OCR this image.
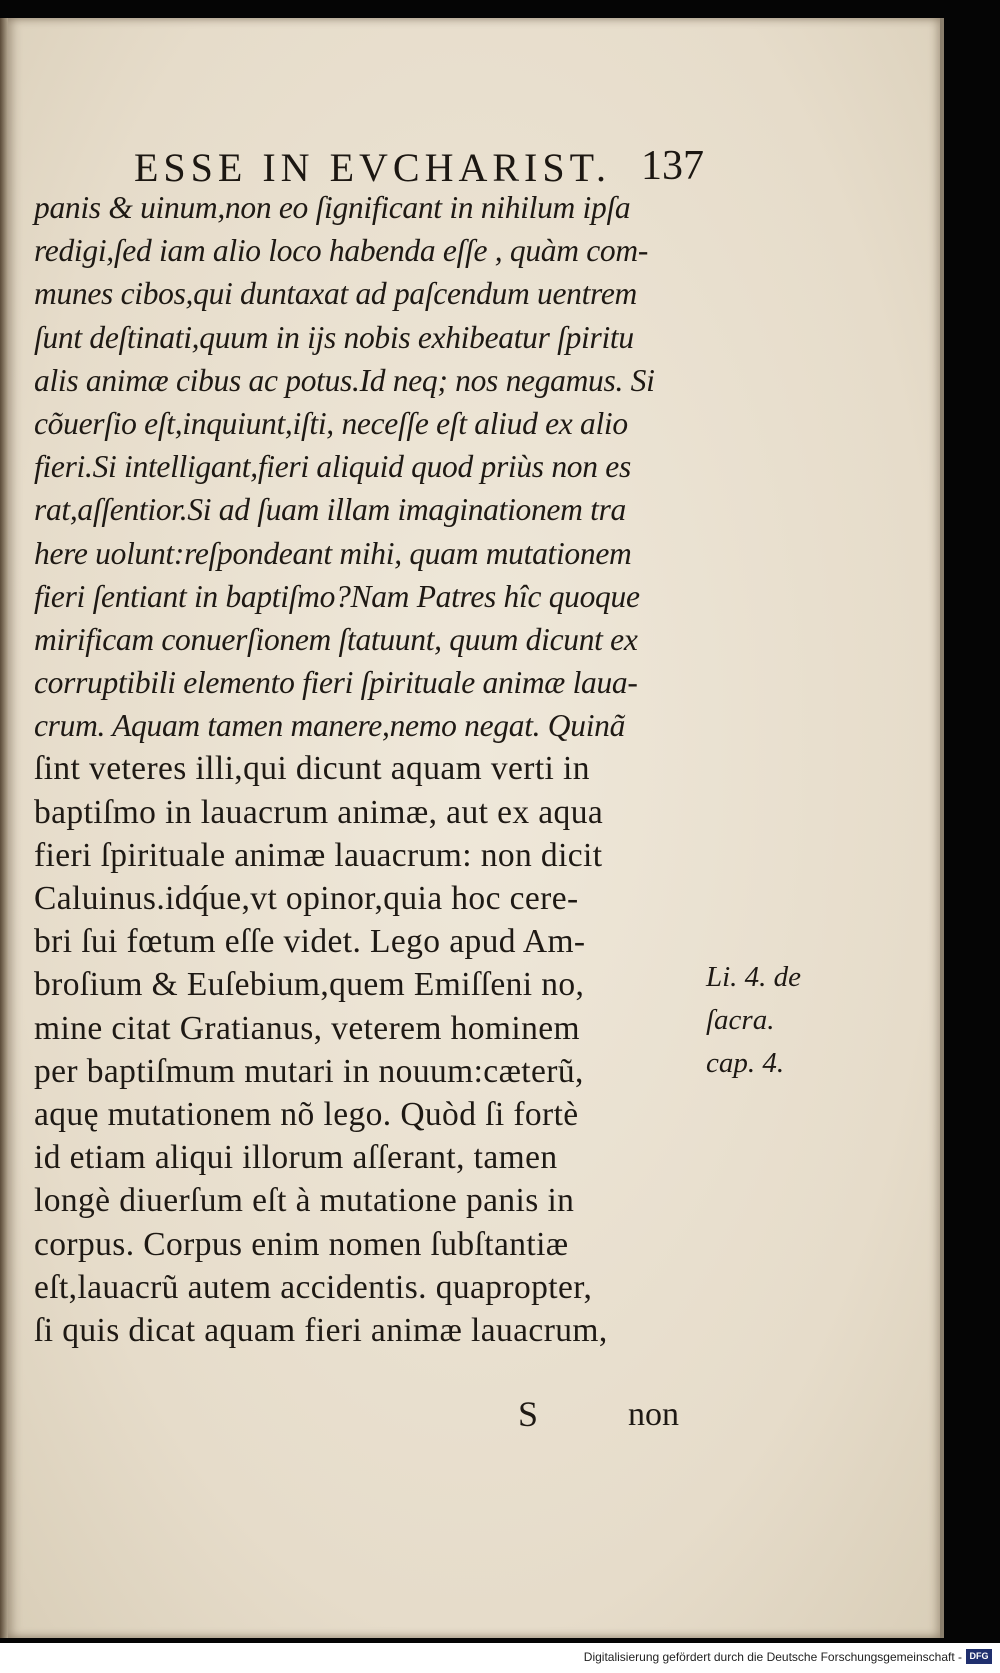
ESSE IN EVCHARIST. 137
panis & uinum,non eo ſignificant in nihilum ipſa
redigi,ſed iam alio loco habenda eſſe , quàm com-
munes cibos,qui duntaxat ad paſcendum uentrem
ſunt deſtinati,quum in ijs nobis exhibeatur ſpiritu
alis animæ cibus ac potus.Id neq; nos negamus. Si
cõuerſio eſt,inquiunt,iſti, neceſſe eſt aliud ex alio
fieri.Si intelligant,fieri aliquid quod priùs non es
rat,aſſentior.Si ad ſuam illam imaginationem tra
here uolunt:reſpondeant mihi, quam mutationem
fieri ſentiant in baptiſmo?Nam Patres hîc quoque
mirificam conuerſionem ſtatuunt, quum dicunt ex
corruptibili elemento fieri ſpirituale animæ laua-
crum. Aquam tamen manere,nemo negat. Quinã
ſint veteres illi,qui dicunt aquam verti in
baptiſmo in lauacrum animæ, aut ex aqua
fieri ſpirituale animæ lauacrum: non dicit
Caluinus.idq́ue,vt opinor,quia hoc cere-
bri ſui fœtum eſſe videt. Lego apud Am-
broſium & Euſebium,quem Emiſſeni no,
mine citat Gratianus, veterem hominem
per baptiſmum mutari in nouum:cæterũ,
aquę mutationem nõ lego. Quòd ſi fortè
id etiam aliqui illorum aſſerant, tamen
longè diuerſum eſt à mutatione panis in
corpus. Corpus enim nomen ſubſtantiæ
eſt,lauacrũ autem accidentis. quapropter,
ſi quis dicat aquam fieri animæ lauacrum,
Li. 4. de
ſacra.
cap. 4.
S	non
Digitalisierung gefördert durch die Deutsche Forschungsgemeinschaft - DFG
